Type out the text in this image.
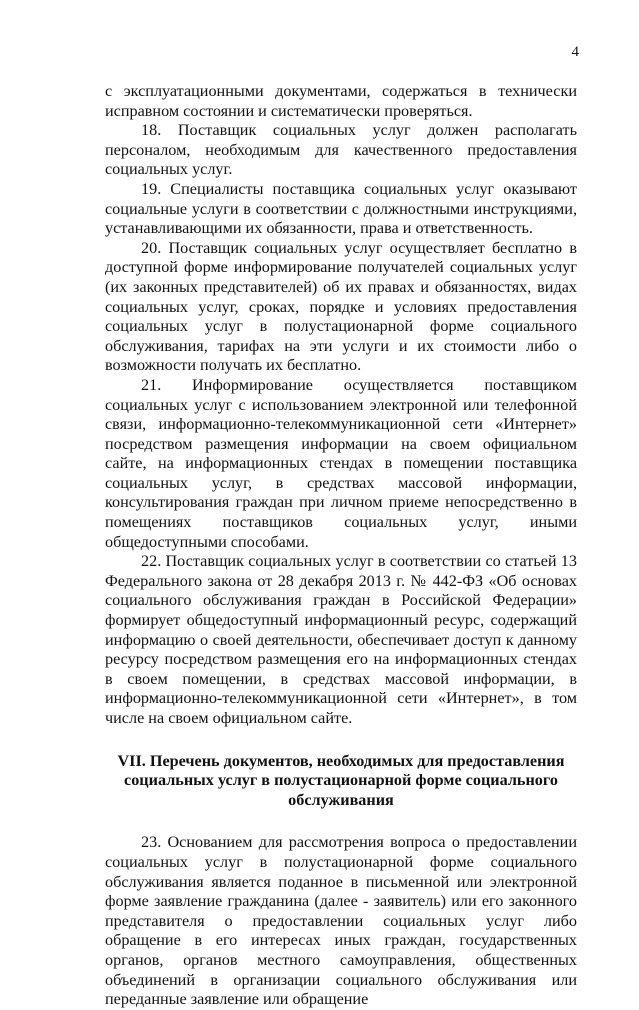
4

с эксплуатационными документами, содержаться в технически исправном состоянии и систематически проверяться.

18. Поставщик социальных услуг должен располагать персоналом, необходимым для качественного предоставления социальных услуг.

19. Специалисты поставщика социальных услуг оказывают социальные услуги в соответствии с должностными инструкциями, устанавливающими их обязанности, права и ответственность.

20. Поставщик социальных услуг осуществляет бесплатно в доступной форме информирование получателей социальных услуг (их законных представителей) об их правах и обязанностях, видах социальных услуг, сроках, порядке и условиях предоставления социальных услуг в полустационарной форме социального обслуживания, тарифах на эти услуги и их стоимости либо о возможности получать их бесплатно.

21. Информирование осуществляется поставщиком социальных услуг с использованием электронной или телефонной связи, информационно-телекоммуникационной сети «Интернет» посредством размещения информации на своем официальном сайте, на информационных стендах в помещении поставщика социальных услуг, в средствах массовой информации, консультирования граждан при личном приеме непосредственно в помещениях поставщиков социальных услуг, иными общедоступными способами.

22. Поставщик социальных услуг в соответствии со статьей 13 Федерального закона от 28 декабря 2013 г. № 442-ФЗ «Об основах социального обслуживания граждан в Российской Федерации» формирует общедоступный информационный ресурс, содержащий информацию о своей деятельности, обеспечивает доступ к данному ресурсу посредством размещения его на информационных стендах в своем помещении, в средствах массовой информации, в информационно-телекоммуникационной сети «Интернет», в том числе на своем официальном сайте.

VII. Перечень документов, необходимых для предоставления социальных услуг в полустационарной форме социального обслуживания

23. Основанием для рассмотрения вопроса о предоставлении социальных услуг в полустационарной форме социального обслуживания является поданное в письменной или электронной форме заявление гражданина (далее - заявитель) или его законного представителя о предоставлении социальных услуг либо обращение в его интересах иных граждан, государственных органов, органов местного самоуправления, общественных объединений в организации социального обслуживания или переданные заявление или обращение
